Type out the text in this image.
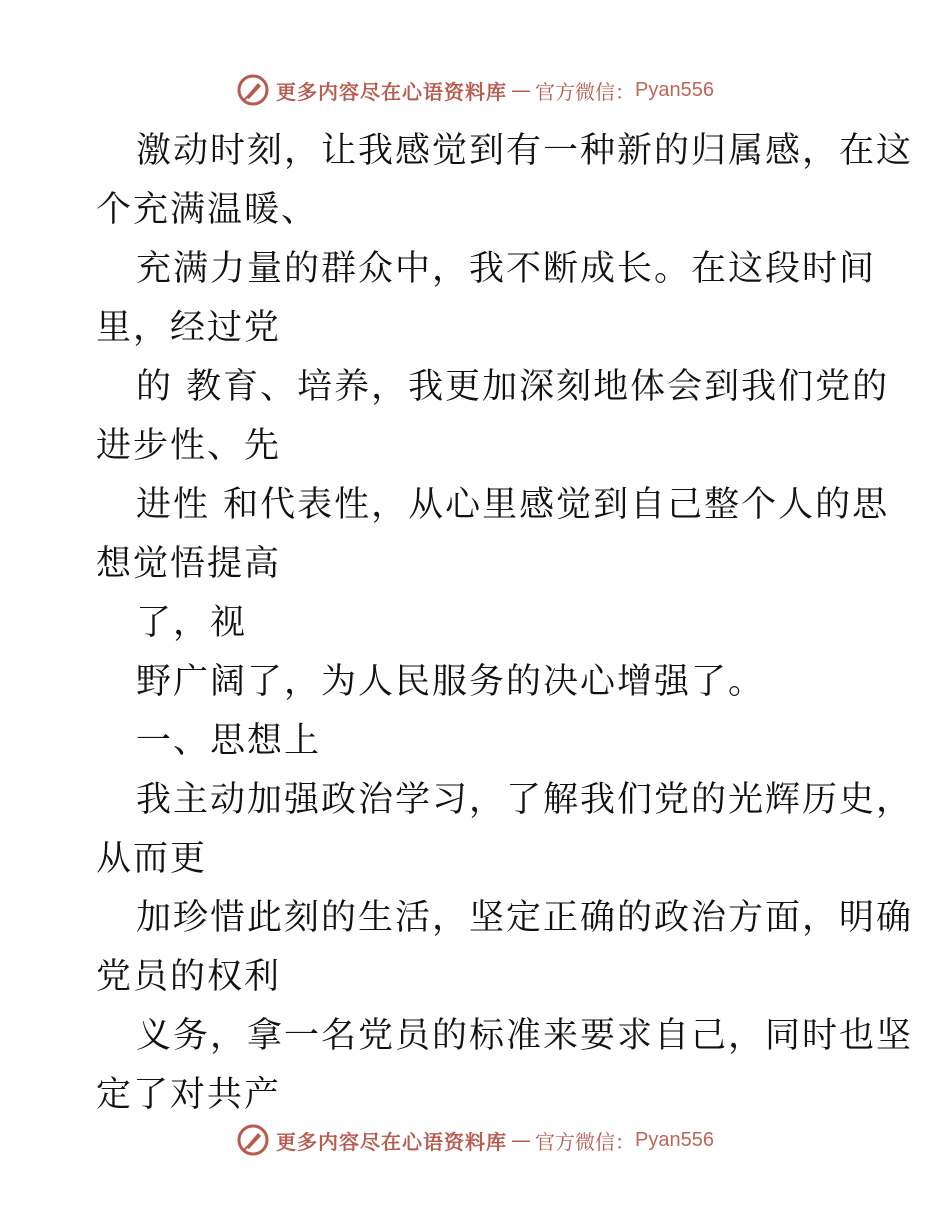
更多内容尽在心语资料库 — 官方微信： Pyan556
激动时刻，让我感觉到有一种新的归属感，在这
个充满温暖、
充满力量的群众中，我不断成长。在这段时间
里，经过党
的 教育、培养，我更加深刻地体会到我们党的
进步性、先
进性 和代表性，从心里感觉到自己整个人的思
想觉悟提高
了，视
野广阔了，为人民服务的决心增强了。
一、思想上
我主动加强政治学习，了解我们党的光辉历史，
从而更
加珍惜此刻的生活，坚定正确的政治方面，明确
党员的权利
义务，拿一名党员的标准来要求自己，同时也坚
定了对共产
更多内容尽在心语资料库 — 官方微信： Pyan556
